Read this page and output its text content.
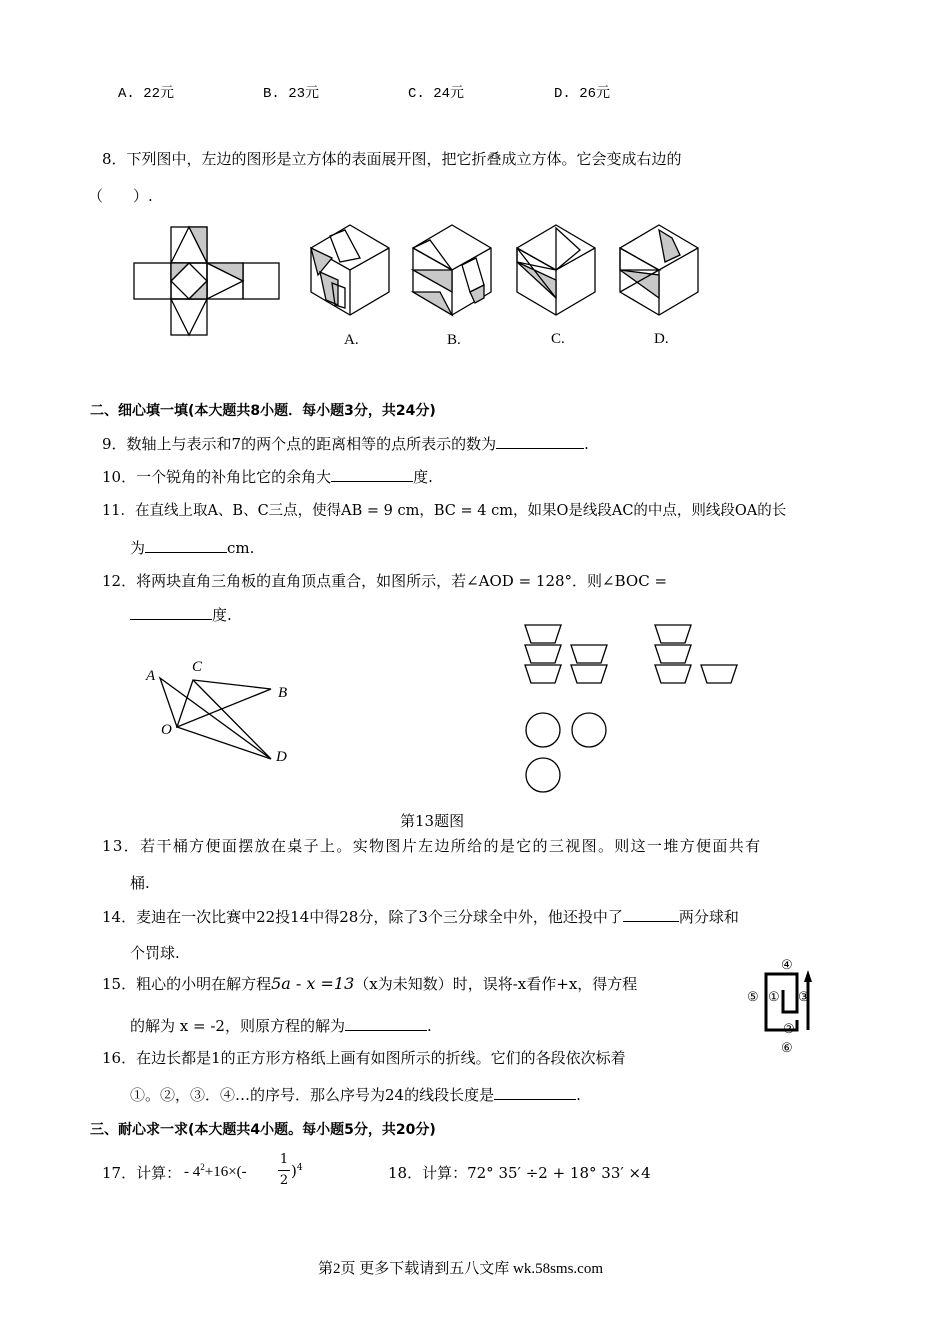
A. 22元	B. 23元	C. 24元	D. 26元
8．下列图中，左边的图形是立方体的表面展开图，把它折叠成立方体。它会变成右边的
（　　）.
A.	B.	C.	D.
二、细心填一填(本大题共8小题．每小题3分，共24分)
9．数轴上与表示和7的两个点的距离相等的点所表示的数为	.
10．一个锐角的补角比它的余角大	度.
11．在直线上取A、B、C三点，使得AB = 9 cm，BC = 4 cm，如果O是线段AC的中点，则线段OA的长
为	cm.
12．将两块直角三角板的直角顶点重合，如图所示，若∠AOD = 128°．则∠BOC =
度.
A
C
B
O
D
第13题图
13．若干桶方便面摆放在桌子上。实物图片左边所给的是它的三视图。则这一堆方便面共有
桶.
14．麦迪在一次比赛中22投14中得28分，除了3个三分球全中外，他还投中了	两分球和
个罚球.
15．粗心的小明在解方程5a - x =13（x为未知数）时，误将-x看作+x，得方程
的解为 x = -2，则原方程的解为	.
④
⑤ ① ③
②
⑥
16．在边长都是1的正方形方格纸上画有如图所示的折线。它们的各段依次标着
①。②，③．④…的序号．那么序号为24的线段长度是	.
三、耐心求一求(本大题共4小题。每小题5分，共20分)
17．计算： - $4^2+16\times(-$
1
2
)$^4$	18．计算：72° 35′ ÷2 + 18° 33′ ×4
第2页 更多下载请到五八文库 wk.58sms.com
